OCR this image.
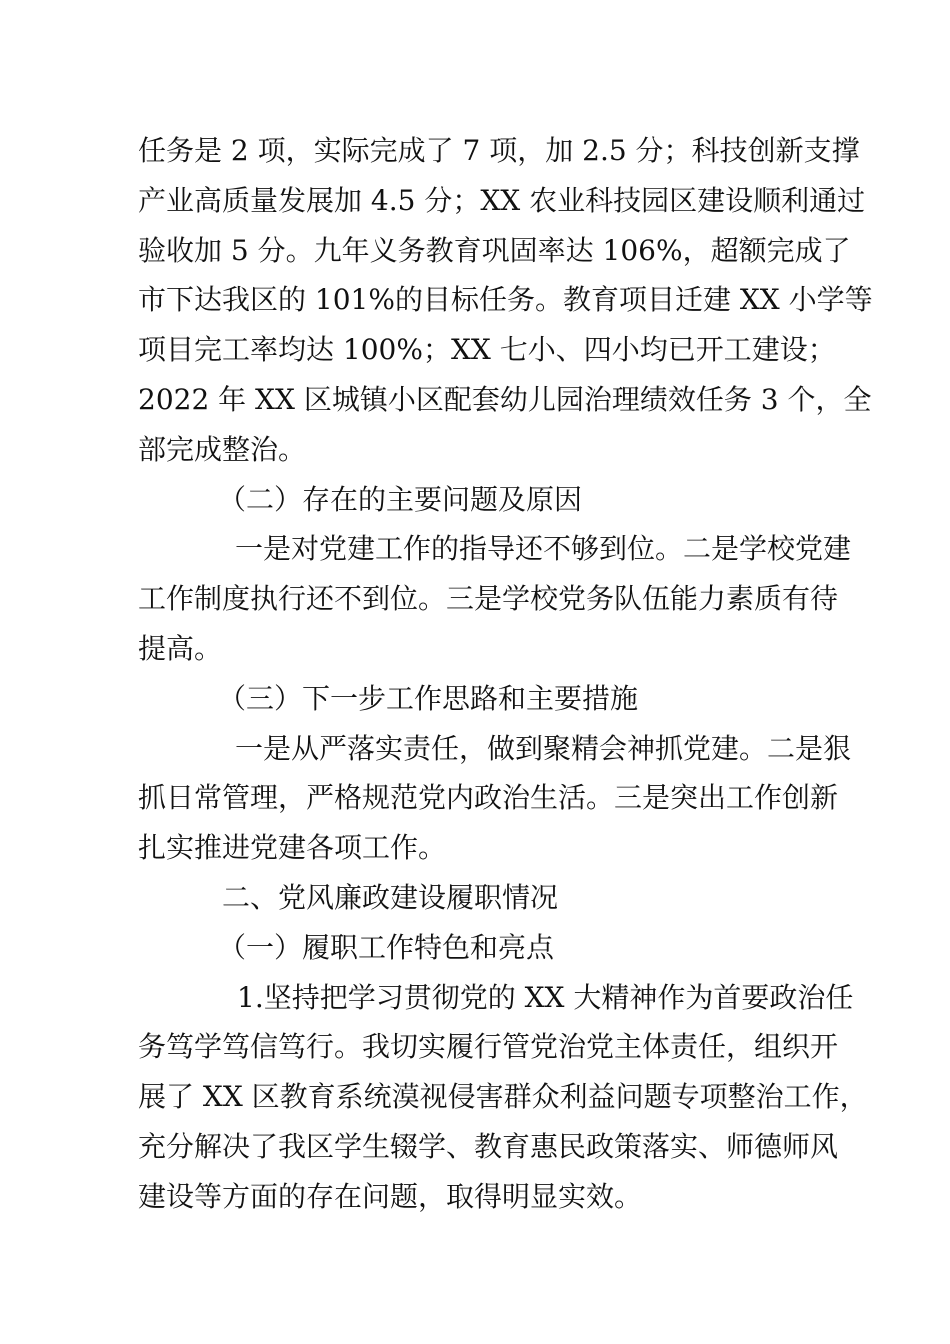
任务是 2 项，实际完成了 7 项，加 2.5 分；科技创新支撑
产业高质量发展加 4.5 分；XX 农业科技园区建设顺利通过
验收加 5 分。九年义务教育巩固率达 106%，超额完成了
市下达我区的 101%的目标任务。教育项目迁建 XX 小学等
项目完工率均达 100%；XX 七小、四小均已开工建设；
2022 年 XX 区城镇小区配套幼儿园治理绩效任务 3 个，全
部完成整治。
（二）存在的主要问题及原因
一是对党建工作的指导还不够到位。二是学校党建
工作制度执行还不到位。三是学校党务队伍能力素质有待
提高。
（三）下一步工作思路和主要措施
一是从严落实责任，做到聚精会神抓党建。二是狠
抓日常管理，严格规范党内政治生活。三是突出工作创新
扎实推进党建各项工作。
二、党风廉政建设履职情况
（一）履职工作特色和亮点
1.坚持把学习贯彻党的 XX 大精神作为首要政治任
务笃学笃信笃行。我切实履行管党治党主体责任，组织开
展了 XX 区教育系统漠视侵害群众利益问题专项整治工作，
充分解决了我区学生辍学、教育惠民政策落实、师德师风
建设等方面的存在问题，取得明显实效。
